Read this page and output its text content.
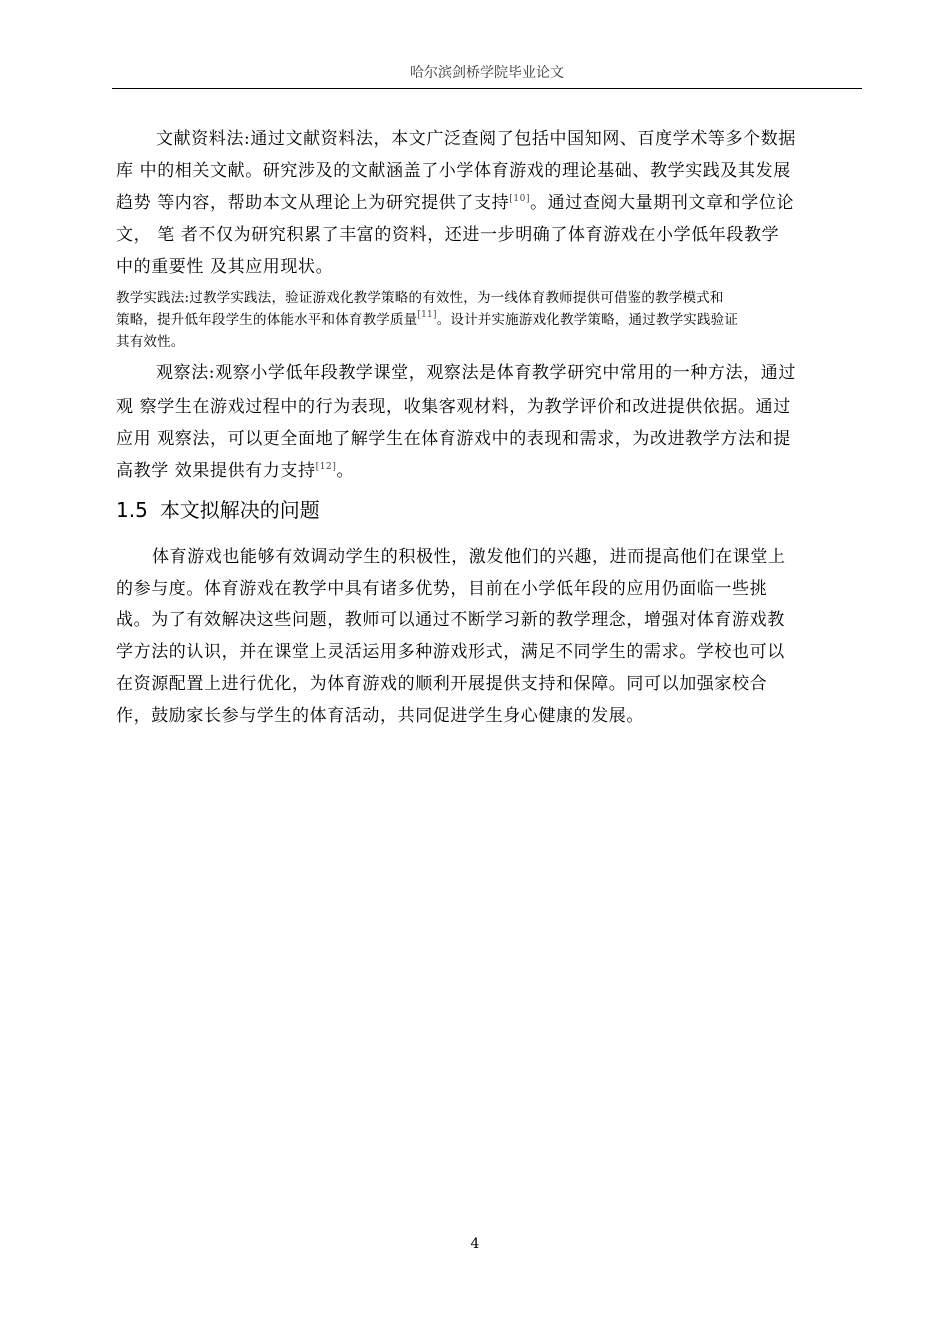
哈尔滨剑桥学院毕业论文
文献资料法:通过文献资料法，本文广泛查阅了包括中国知网、百度学术等多个数据
库 中的相关文献。研究涉及的文献涵盖了小学体育游戏的理论基础、教学实践及其发展
趋势 等内容，帮助本文从理论上为研究提供了支持[10]。通过查阅大量期刊文章和学位论
文， 笔 者不仅为研究积累了丰富的资料，还进一步明确了体育游戏在小学低年段教学
中的重要性 及其应用现状。
教学实践法:过教学实践法，验证游戏化教学策略的有效性，为一线体育教师提供可借鉴的教学模式和
策略，提升低年段学生的体能水平和体育教学质量[11]。设计并实施游戏化教学策略，通过教学实践验证
其有效性。
观察法:观察小学低年段教学课堂，观察法是体育教学研究中常用的一种方法，通过
观 察学生在游戏过程中的行为表现，收集客观材料，为教学评价和改进提供依据。通过
应用 观察法，可以更全面地了解学生在体育游戏中的表现和需求，为改进教学方法和提
高教学 效果提供有力支持[12]。
1.5 本文拟解决的问题
体育游戏也能够有效调动学生的积极性，激发他们的兴趣，进而提高他们在课堂上
的参与度。体育游戏在教学中具有诸多优势，目前在小学低年段的应用仍面临一些挑
战。为了有效解决这些问题，教师可以通过不断学习新的教学理念，增强对体育游戏教
学方法的认识，并在课堂上灵活运用多种游戏形式，满足不同学生的需求。学校也可以
在资源配置上进行优化，为体育游戏的顺利开展提供支持和保障。同可以加强家校合
作，鼓励家长参与学生的体育活动，共同促进学生身心健康的发展。
4
